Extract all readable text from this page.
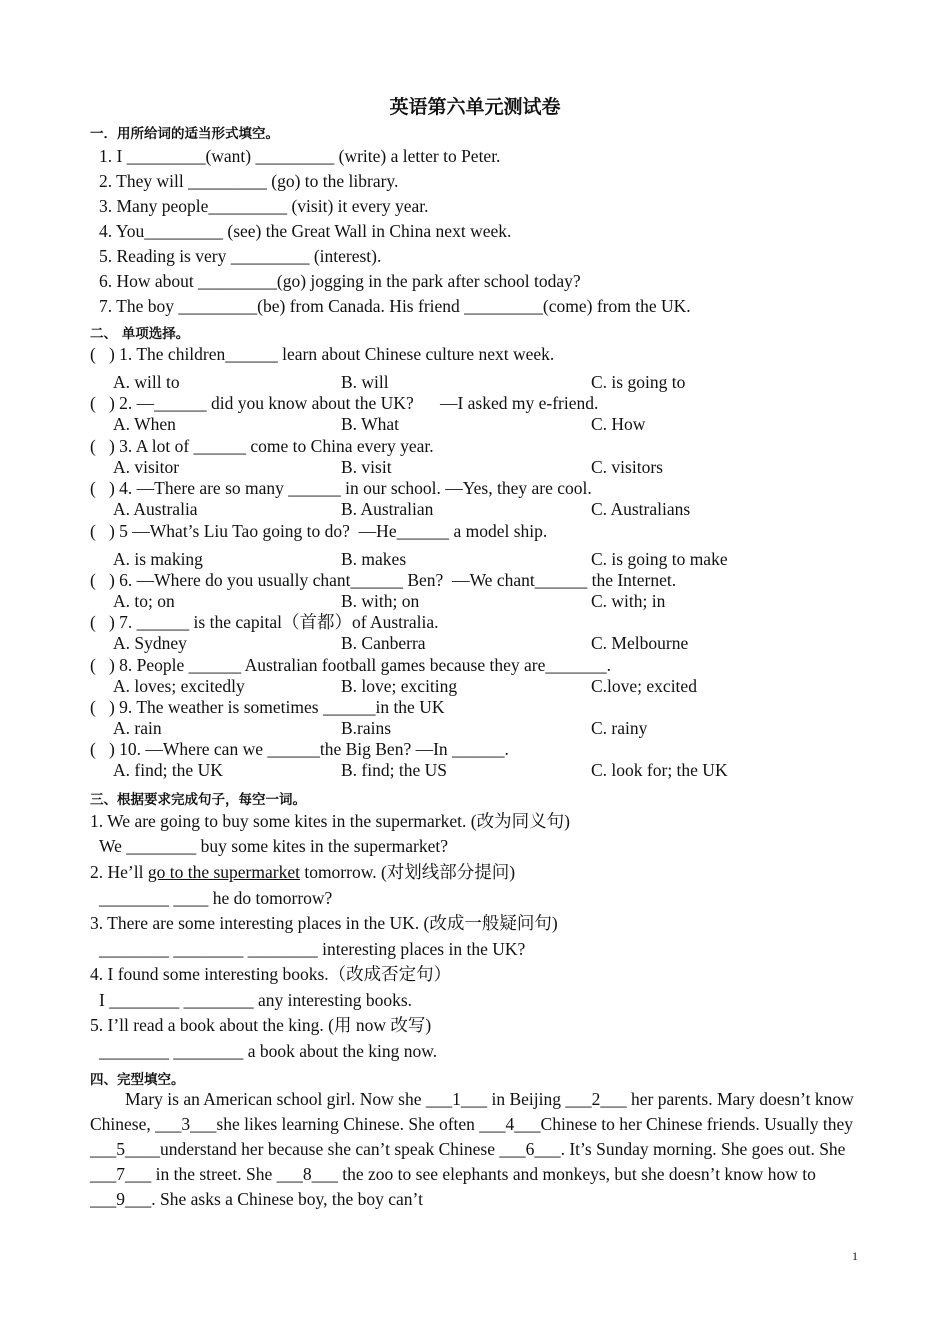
英语第六单元测试卷
一．用所给词的适当形式填空。
1. I _________(want) _________ (write) a letter to Peter.
2. They will _________ (go) to the library.
3. Many people_________ (visit) it every year.
4. You_________ (see) the Great Wall in China next week.
5. Reading is very _________ (interest).
6. How about _________(go) jogging in the park after school today?
7. The boy _________(be) from Canada. His friend _________(come) from the UK.
二、 单项选择。
(   ) 1. The children______ learn about Chinese culture next week.
A. will to	B. will	C. is going to
(   ) 2. —______ did you know about the UK?      —I asked my e-friend.
A. When	B. What	C. How
(   ) 3. A lot of ______ come to China every year.
A. visitor	B. visit	C. visitors
(   ) 4. —There are so many ______ in our school. —Yes, they are cool.
A. Australia	B. Australian	C. Australians
(   ) 5 —What’s Liu Tao going to do?  —He______ a model ship.
A. is making	B. makes	C. is going to make
(   ) 6. —Where do you usually chant______ Ben?  —We chant______ the Internet.
A. to; on	B. with; on	C. with; in
(   ) 7. ______ is the capital（首都）of Australia.
A. Sydney	B. Canberra	C. Melbourne
(   ) 8. People ______ Australian football games because they are_______.
A. loves; excitedly	B. love; exciting	C.love; excited
(   ) 9. The weather is sometimes ______in the UK
A. rain	B.rains	C. rainy
(   ) 10. —Where can we ______the Big Ben? —In ______.
A. find; the UK	B. find; the US	C. look for; the UK
三、根据要求完成句子，每空一词。
1. We are going to buy some kites in the supermarket. (改为同义句)
We ________ buy some kites in the supermarket?
2. He’ll go to the supermarket tomorrow. (对划线部分提问)
________ ____ he do tomorrow?
3. There are some interesting places in the UK. (改成一般疑问句)
________ ________ ________ interesting places in the UK?
4. I found some interesting books.（改成否定句）
I ________ ________ any interesting books.
5. I’ll read a book about the king. (用 now 改写)
________ ________ a book about the king now.
四、完型填空。
Mary is an American school girl. Now she ___1___ in Beijing ___2___ her parents. Mary doesn’t know Chinese, ___3___she likes learning Chinese. She often ___4___Chinese to her Chinese friends. Usually they ___5____understand her because she can’t speak Chinese ___6___. It’s Sunday morning. She goes out. She ___7___ in the street. She ___8___ the zoo to see elephants and monkeys, but she doesn’t know how to ___9___. She asks a Chinese boy, the boy can’t
1
